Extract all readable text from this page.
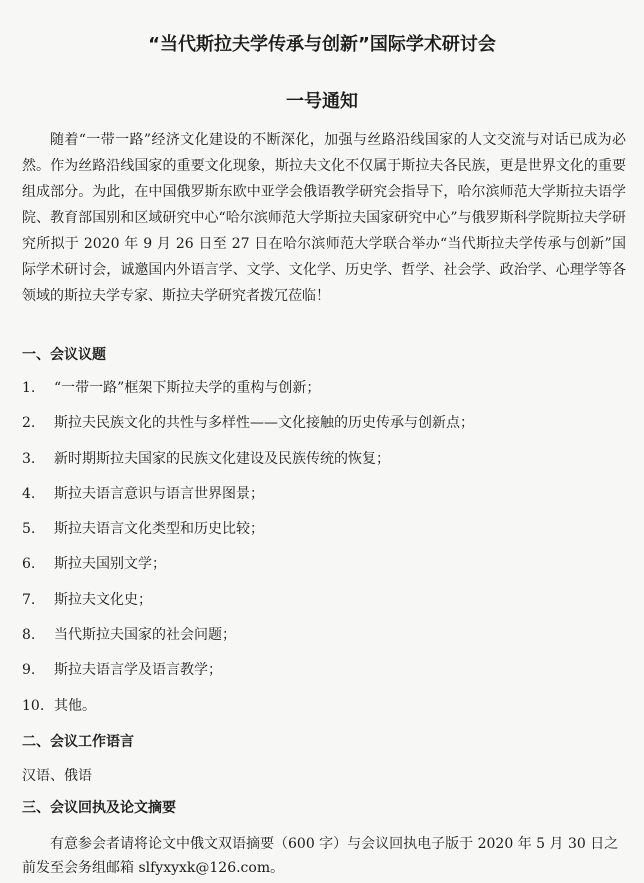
“当代斯拉夫学传承与创新”国际学术研讨会
一号通知

随着“一带一路”经济文化建设的不断深化，加强与丝路沿线国家的人文交流与对话已成为必然。作为丝路沿线国家的重要文化现象，斯拉夫文化不仅属于斯拉夫各民族，更是世界文化的重要组成部分。为此，在中国俄罗斯东欧中亚学会俄语教学研究会指导下，哈尔滨师范大学斯拉夫语学院、教育部国别和区域研究中心“哈尔滨师范大学斯拉夫国家研究中心”与俄罗斯科学院斯拉夫学研究所拟于 2020 年 9 月 26 日至 27 日在哈尔滨师范大学联合举办“当代斯拉夫学传承与创新”国际学术研讨会，诚邀国内外语言学、文学、文化学、历史学、哲学、社会学、政治学、心理学等各领域的斯拉夫学专家、斯拉夫学研究者拨冗莅临！

一、会议议题
1. “一带一路”框架下斯拉夫学的重构与创新；
2. 斯拉夫民族文化的共性与多样性——文化接触的历史传承与创新点；
3. 新时期斯拉夫国家的民族文化建设及民族传统的恢复；
4. 斯拉夫语言意识与语言世界图景；
5. 斯拉夫语言文化类型和历史比较；
6. 斯拉夫国别文学；
7. 斯拉夫文化史；
8. 当代斯拉夫国家的社会问题；
9. 斯拉夫语言学及语言教学；
10. 其他。
二、会议工作语言
汉语、俄语
三、会议回执及论文摘要

有意参会者请将论文中俄文双语摘要（600 字）与会议回执电子版于 2020 年 5 月 30 日之前发至会务组邮箱 slfyxyxk@126.com。
